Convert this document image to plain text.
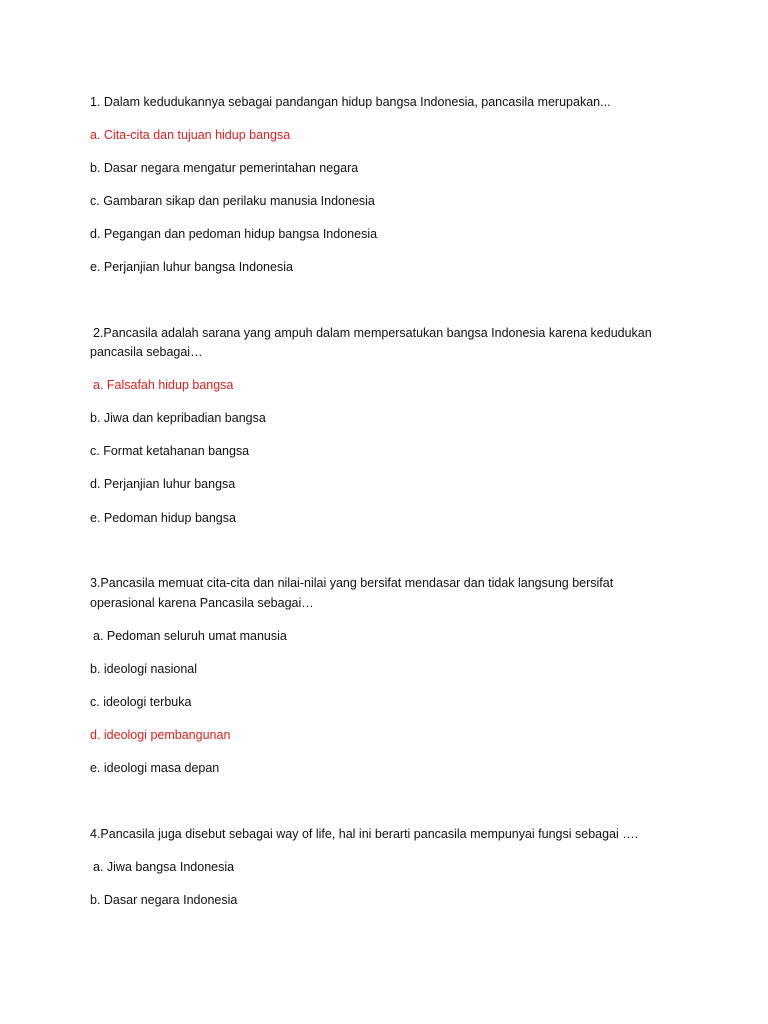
1. Dalam kedudukannya sebagai pandangan hidup bangsa Indonesia, pancasila merupakan...
a. Cita-cita dan tujuan hidup bangsa
b. Dasar negara mengatur pemerintahan negara
c. Gambaran sikap dan perilaku manusia Indonesia
d. Pegangan dan pedoman hidup bangsa Indonesia
e. Perjanjian luhur bangsa Indonesia
2.Pancasila adalah sarana yang ampuh dalam mempersatukan bangsa Indonesia karena kedudukan
pancasila sebagai…
a. Falsafah hidup bangsa
b. Jiwa dan kepribadian bangsa
c. Format ketahanan bangsa
d. Perjanjian luhur bangsa
e. Pedoman hidup bangsa
3.Pancasila memuat cita-cita dan nilai-nilai yang bersifat mendasar dan tidak langsung bersifat
operasional karena Pancasila sebagai…
a. Pedoman seluruh umat manusia
b. ideologi nasional
c. ideologi terbuka
d. ideologi pembangunan
e. ideologi masa depan
4.Pancasila juga disebut sebagai way of life, hal ini berarti pancasila mempunyai fungsi sebagai ….
a. Jiwa bangsa Indonesia
b. Dasar negara Indonesia
